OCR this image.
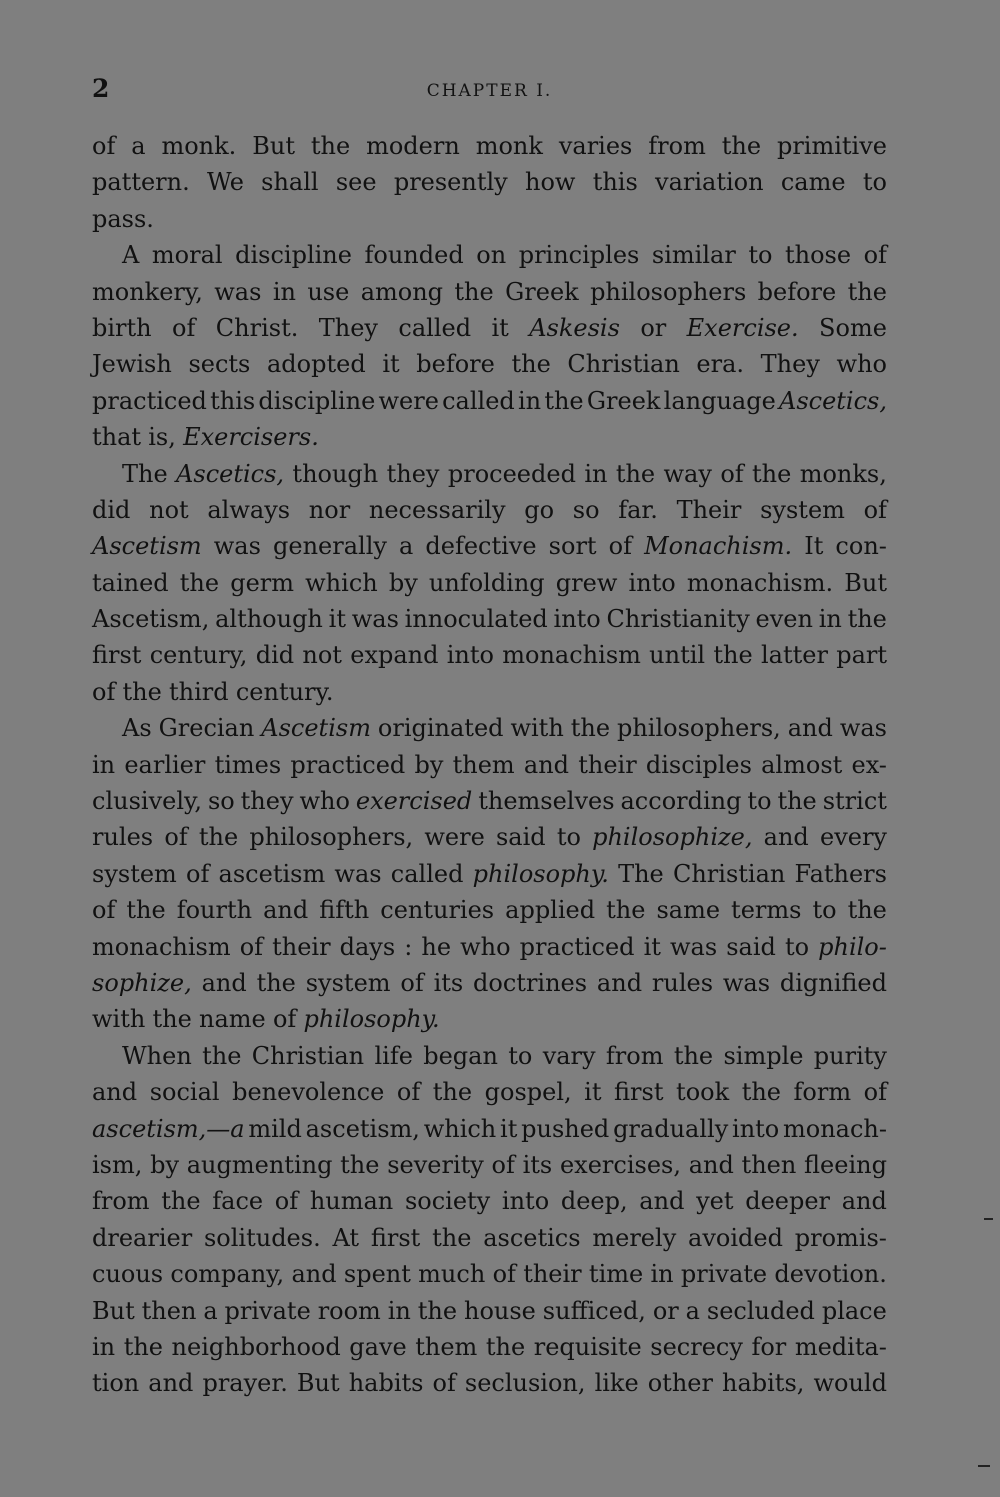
2	CHAPTER I.
of a monk. But the modern monk varies from the primitive
pattern. We shall see presently how this variation came to
pass.
A moral discipline founded on principles similar to those of
monkery, was in use among the Greek philosophers before the
birth of Christ. They called it Askesis or Exercise. Some
Jewish sects adopted it before the Christian era. They who
practiced this discipline were called in the Greek language Ascetics,
that is, Exercisers.
The Ascetics, though they proceeded in the way of the monks,
did not always nor necessarily go so far. Their system of
Ascetism was generally a defective sort of Monachism. It con-
tained the germ which by unfolding grew into monachism. But
Ascetism, although it was innoculated into Christianity even in the
first century, did not expand into monachism until the latter part
of the third century.
As Grecian Ascetism originated with the philosophers, and was
in earlier times practiced by them and their disciples almost ex-
clusively, so they who exercised themselves according to the strict
rules of the philosophers, were said to philosophize, and every
system of ascetism was called philosophy. The Christian Fathers
of the fourth and fifth centuries applied the same terms to the
monachism of their days : he who practiced it was said to philo-
sophize, and the system of its doctrines and rules was dignified
with the name of philosophy.
When the Christian life began to vary from the simple purity
and social benevolence of the gospel, it first took the form of
ascetism,—a mild ascetism, which it pushed gradually into monach-
ism, by augmenting the severity of its exercises, and then fleeing
from the face of human society into deep, and yet deeper and
drearier solitudes. At first the ascetics merely avoided promis-
cuous company, and spent much of their time in private devotion.
But then a private room in the house sufficed, or a secluded place
in the neighborhood gave them the requisite secrecy for medita-
tion and prayer. But habits of seclusion, like other habits, would
